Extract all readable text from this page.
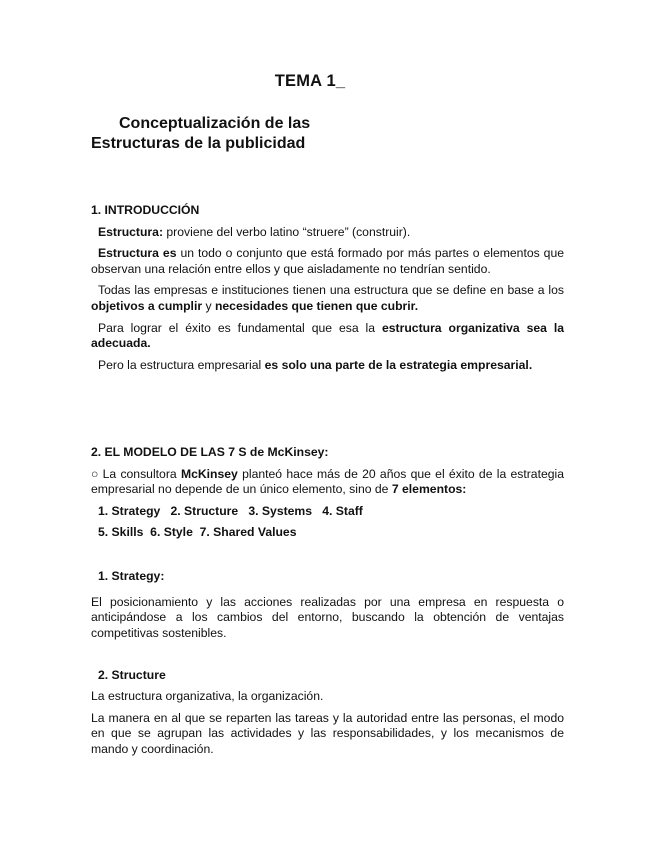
TEMA 1_
Conceptualización de las
Estructuras de la publicidad
1. INTRODUCCIÓN

Estructura: proviene del verbo latino “struere” (construir).

Estructura es un todo o conjunto que está formado por más partes o elementos que observan una relación entre ellos y que aisladamente no tendrían sentido.

Todas las empresas e instituciones tienen una estructura que se define en base a los objetivos a cumplir y necesidades que tienen que cubrir.

Para lograr el éxito es fundamental que esa la estructura organizativa sea la adecuada.

Pero la estructura empresarial es solo una parte de la estrategia empresarial.

2. EL MODELO DE LAS 7 S de McKinsey:

○ La consultora McKinsey planteó hace más de 20 años que el éxito de la estrategia empresarial no depende de un único elemento, sino de 7 elementos:

1. Strategy   2. Structure   3. Systems   4. Staff
5. Skills  6. Style  7. Shared Values
1. Strategy:

El posicionamiento y las acciones realizadas por una empresa en respuesta o anticipándose a los cambios del entorno, buscando la obtención de ventajas competitivas sostenibles.

2. Structure

La estructura organizativa, la organización.

La manera en al que se reparten las tareas y la autoridad entre las personas, el modo en que se agrupan las actividades y las responsabilidades, y los mecanismos de mando y coordinación.
